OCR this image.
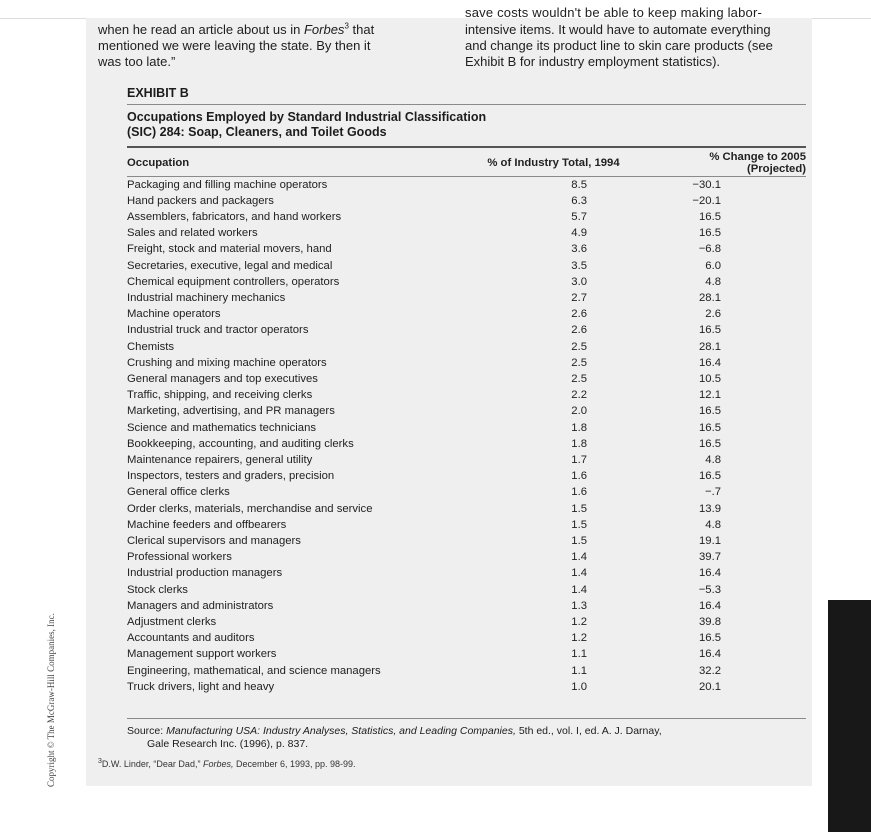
when he read an article about us in Forbes$^3$ that
mentioned we were leaving the state. By then it
was too late.”
save costs wouldn't be able to keep making labor-
intensive items. It would have to automate everything
and change its product line to skin care products (see
Exhibit B for industry employment statistics).
EXHIBIT B
Occupations Employed by Standard Industrial Classification
(SIC) 284: Soap, Cleaners, and Toilet Goods
Occupation	% of Industry Total, 1994	% Change to 2005 (Projected)

Packaging and filling machine operators	8.5	−30.1
Hand packers and packagers	6.3	−20.1
Assemblers, fabricators, and hand workers	5.7	16.5
Sales and related workers	4.9	16.5
Freight, stock and material movers, hand	3.6	−6.8
Secretaries, executive, legal and medical	3.5	6.0
Chemical equipment controllers, operators	3.0	4.8
Industrial machinery mechanics	2.7	28.1
Machine operators	2.6	2.6
Industrial truck and tractor operators	2.6	16.5
Chemists	2.5	28.1
Crushing and mixing machine operators	2.5	16.4
General managers and top executives	2.5	10.5
Traffic, shipping, and receiving clerks	2.2	12.1
Marketing, advertising, and PR managers	2.0	16.5
Science and mathematics technicians	1.8	16.5
Bookkeeping, accounting, and auditing clerks	1.8	16.5
Maintenance repairers, general utility	1.7	4.8
Inspectors, testers and graders, precision	1.6	16.5
General office clerks	1.6	−.7
Order clerks, materials, merchandise and service	1.5	13.9
Machine feeders and offbearers	1.5	4.8
Clerical supervisors and managers	1.5	19.1
Professional workers	1.4	39.7
Industrial production managers	1.4	16.4
Stock clerks	1.4	−5.3
Managers and administrators	1.3	16.4
Adjustment clerks	1.2	39.8
Accountants and auditors	1.2	16.5
Management support workers	1.1	16.4
Engineering, mathematical, and science managers	1.1	32.2
Truck drivers, light and heavy	1.0	20.1
Source: Manufacturing USA: Industry Analyses, Statistics, and Leading Companies, 5th ed., vol. I, ed. A. J. Darnay,
Gale Research Inc. (1996), p. 837.
$^3$D.W. Linder, “Dear Dad,” Forbes, December 6, 1993, pp. 98-99.
Copyright © The McGraw-Hill Companies, Inc.
